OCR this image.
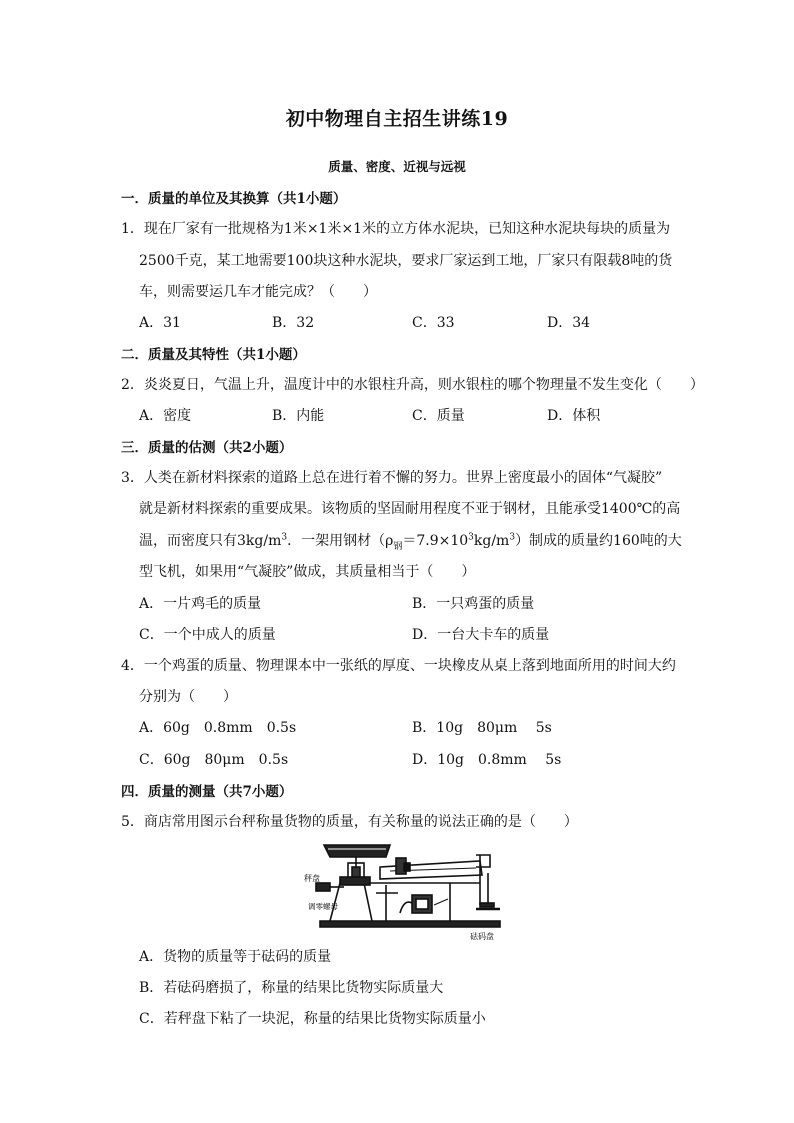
初中物理自主招生讲练19
质量、密度、近视与远视
一．质量的单位及其换算（共1小题）
1．现在厂家有一批规格为1米×1米×1米的立方体水泥块，已知这种水泥块每块的质量为
2500千克，某工地需要100块这种水泥块，要求厂家运到工地，厂家只有限载8吨的货
车，则需要运几车才能完成？（　　）
A．31	B．32	C．33	D．34
二．质量及其特性（共1小题）
2．炎炎夏日，气温上升，温度计中的水银柱升高，则水银柱的哪个物理量不发生变化（　　）
A．密度	B．内能	C．质量	D．体积
三．质量的估测（共2小题）
3．人类在新材料探索的道路上总在进行着不懈的努力。世界上密度最小的固体“气凝胶”
就是新材料探索的重要成果。该物质的坚固耐用程度不亚于钢材，且能承受1400℃的高
温，而密度只有$3kg/m^3$．一架用钢材$(\rho_钢=7.9\times 10^3kg/m^3)$制成的质量约160吨的大
型飞机，如果用“气凝胶”做成，其质量相当于（　　）
A．一片鸡毛的质量	B．一只鸡蛋的质量
C．一个中成人的质量	D．一台大卡车的质量
4．一个鸡蛋的质量、物理课本中一张纸的厚度、一块橡皮从桌上落到地面所用的时间大约
分别为（　　）
A．60g　0.8mm　0.5s	B．10g　80μm　 5s
C．60g　80μm　0.5s	D．10g　0.8mm　 5s
四．质量的测量（共7小题）
5．商店常用图示台秤称量货物的质量，有关称量的说法正确的是（　　）
秤盘
调零螺母
砝码盘
A．货物的质量等于砝码的质量
B．若砝码磨损了，称量的结果比货物实际质量大
C．若秤盘下粘了一块泥，称量的结果比货物实际质量小
